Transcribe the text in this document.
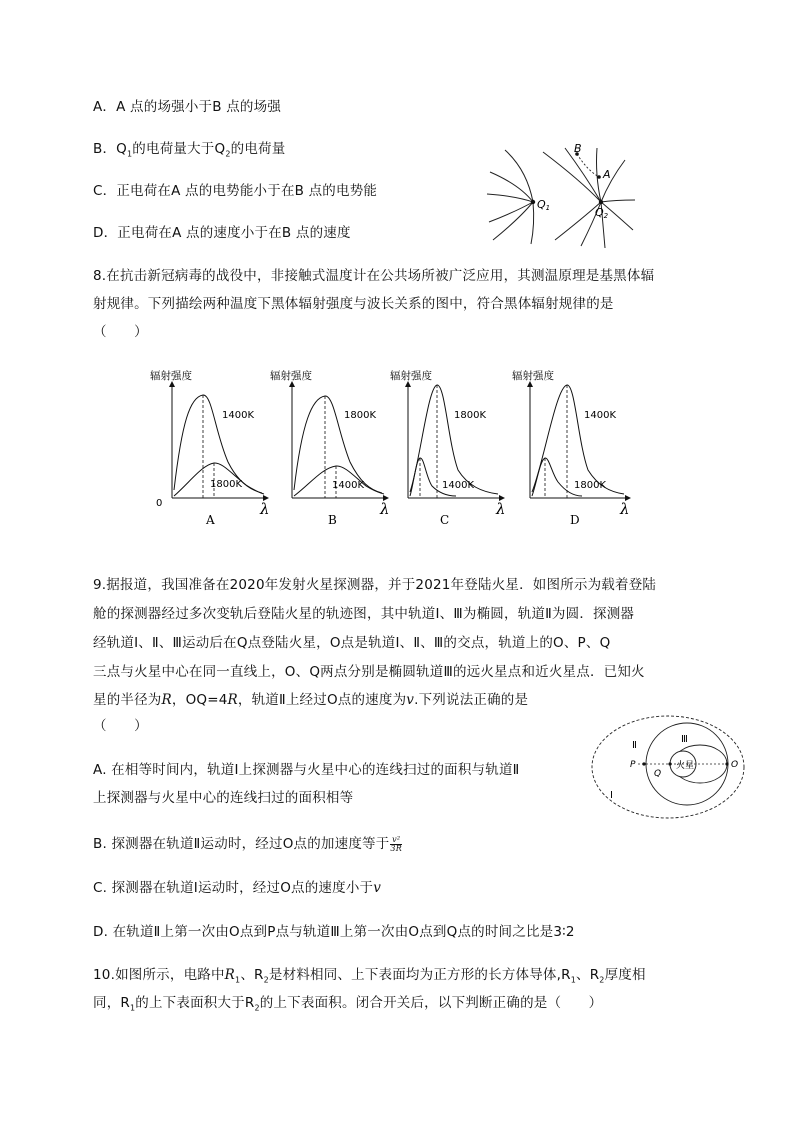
A．A 点的场强小于B 点的场强
B．$Q_1$的电荷量大于$Q_2$的电荷量
C．正电荷在A 点的电势能小于在B 点的电势能
D．正电荷在A 点的速度小于在B 点的速度
B
A
Q1	Q2
8.在抗击新冠病毒的战役中，非接触式温度计在公共场所被广泛应用，其测温原理是基黑体辐
射规律。下列描绘两种温度下黑体辐射强度与波长关系的图中，符合黑体辐射规律的是
（　　）
辐射强度
1400K
1800K
0	λ
A
辐射强度
1800K
1400K
λ
B
辐射强度
1800K
1400K
λ
C
辐射强度
1400K
1800K
λ
D
9.据报道，我国准备在2020年发射火星探测器，并于2021年登陆火星．如图所示为载着登陆
舱的探测器经过多次变轨后登陆火星的轨迹图，其中轨道Ⅰ、Ⅲ为椭圆，轨道Ⅱ为圆．探测器
经轨道Ⅰ、Ⅱ、Ⅲ运动后在Q点登陆火星，O点是轨道Ⅰ、Ⅱ、Ⅲ的交点，轨道上的O、P、Q
三点与火星中心在同一直线上，O、Q两点分别是椭圆轨道Ⅲ的远火星点和近火星点．已知火
星的半径为R，OQ=4R，轨道Ⅱ上经过O点的速度为v.下列说法正确的是
（　　）
A. 在相等时间内，轨道Ⅰ上探测器与火星中心的连线扫过的面积与轨道Ⅱ
上探测器与火星中心的连线扫过的面积相等
B. 探测器在轨道Ⅱ运动时，经过O点的加速度等于 $\frac{\text{v²}}{3R}$
C. 探测器在轨道Ⅰ运动时，经过O点的速度小于v
D. 在轨道Ⅱ上第一次由O点到P点与轨道Ⅲ上第一次由O点到Q点的时间之比是3∶2
火星
P
Q
O
Ⅱ
Ⅲ
Ⅰ
10.如图所示，电路中$R_1$、$R_2$是材料相同、上下表面均为正方形的长方体导体$,R_1$、$R_2$厚度相
同，$R_1$的上下表面积大于$R_2$的上下表面积。闭合开关后，以下判断正确的是（　　）
